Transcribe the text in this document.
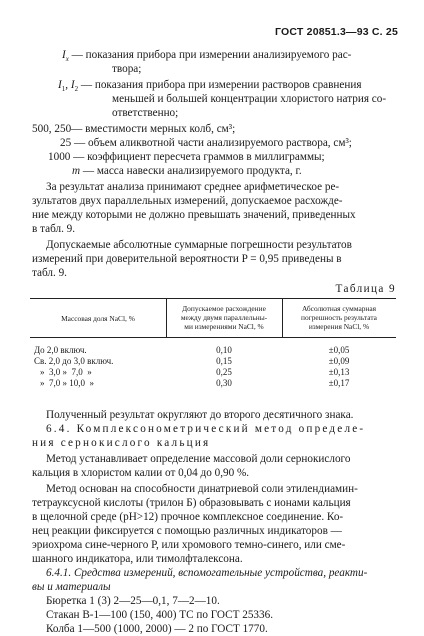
ГОСТ 20851.3—93 С. 25
$I_x$ — показания прибора при измерении анализируемого рас-
твора;
$I_1$, $I_2$ — показания прибора при измерении растворов сравнения
меньшей и большей концентрации хлористого натрия со-
ответственно;
500, 250— вместимости мерных колб, см³;
25 — объем аликвотной части анализируемого раствора, см³;
1000 — коэффициент пересчета граммов в миллиграммы;
m — масса навески анализируемого продукта, г.
За результат анализа принимают среднее арифметическое ре-
зультатов двух параллельных измерений, допускаемое расхожде-
ние между которыми не должно превышать значений, приведенных
в табл. 9.
Допускаемые абсолютные суммарные погрешности результатов
измерений при доверительной вероятности P = 0,95 приведены в
табл. 9.
Таблица 9
Массовая доля NaCl, %
Допускаемое расхождение
между двумя параллельны-
ми измерениями NaCl, %
Абсолютная суммарная
погрешность результата
измерения NaCl, %
До 2,0 включ.
Св. 2,0 до 3,0 включ.
»  3,0 »  7,0  »
»  7,0 » 10,0  »
0,10
0,15
0,25
0,30
±0,05
±0,09
±0,13
±0,17
Полученный результат округляют до второго десятичного знака.
6.4. Комплексонометрический метод определе-
ния сернокислого кальция
Метод устанавливает определение массовой доли сернокислого
кальция в хлористом калии от 0,04 до 0,90 %.
Метод основан на способности динатриевой соли этилендиамин-
тетрауксусной кислоты (трилон Б) образовывать с ионами кальция
в щелочной среде (pH>12) прочное комплексное соединение. Ко-
нец реакции фиксируется с помощью различных индикаторов —
эриохрома сине-черного Р, или хромового темно-синего, или сме-
шанного индикатора, или тимолфталексона.
6.4.1. Средства измерений, вспомогательные устройства, реакти-
вы и материалы
Бюретка 1 (3) 2—25—0,1, 7—2—10.
Стакан В-1—100 (150, 400) ТС по ГОСТ 25336.
Колба 1—500 (1000, 2000) — 2 по ГОСТ 1770.
